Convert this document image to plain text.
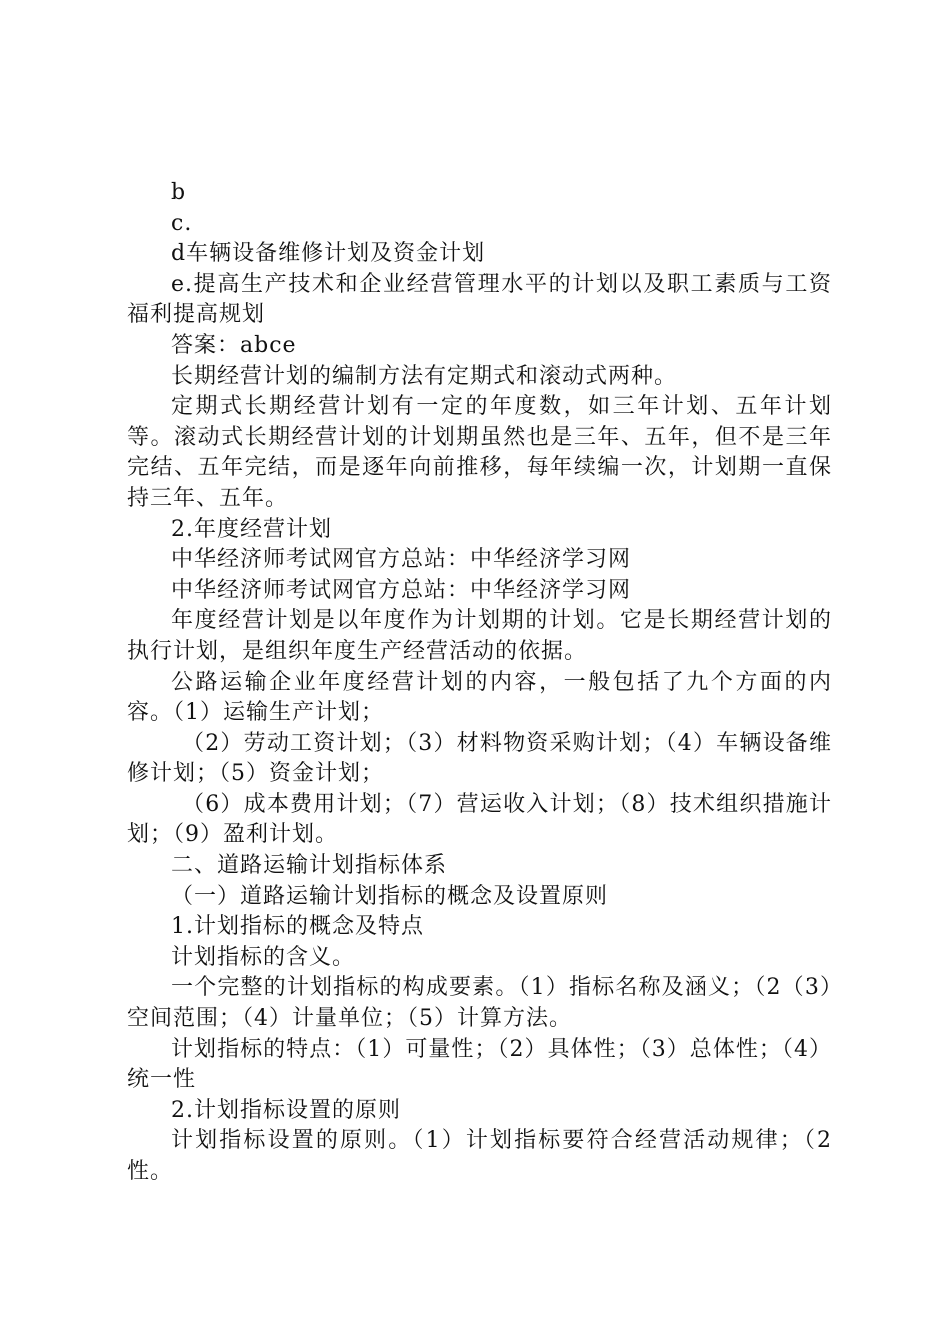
b

c.

d车辆设备维修计划及资金计划

e.提高生产技术和企业经营管理水平的计划以及职工素质与工资福利提高规划

答案：abce

长期经营计划的编制方法有定期式和滚动式两种。

定期式长期经营计划有一定的年度数，如三年计划、五年计划等。滚动式长期经营计划的计划期虽然也是三年、五年，但不是三年完结、五年完结，而是逐年向前推移，每年续编一次，计划期一直保持三年、五年。

2.年度经营计划

中华经济师考试网官方总站：中华经济学习网

中华经济师考试网官方总站：中华经济学习网

年度经营计划是以年度作为计划期的计划。它是长期经营计划的执行计划，是组织年度生产经营活动的依据。

公路运输企业年度经营计划的内容，一般包括了九个方面的内容。（1）运输生产计划；

（2）劳动工资计划；（3）材料物资采购计划；（4）车辆设备维修计划；（5）资金计划；

（6）成本费用计划；（7）营运收入计划；（8）技术组织措施计划；（9）盈利计划。

二、道路运输计划指标体系

（一）道路运输计划指标的概念及设置原则

1.计划指标的概念及特点

计划指标的含义。

一个完整的计划指标的构成要素。（1）指标名称及涵义；（2（3）空间范围；（4）计量单位；（5）计算方法。

计划指标的特点：（1）可量性；（2）具体性；（3）总体性；（4）统一性

2.计划指标设置的原则

计划指标设置的原则。（1）计划指标要符合经营活动规律；（2性。
